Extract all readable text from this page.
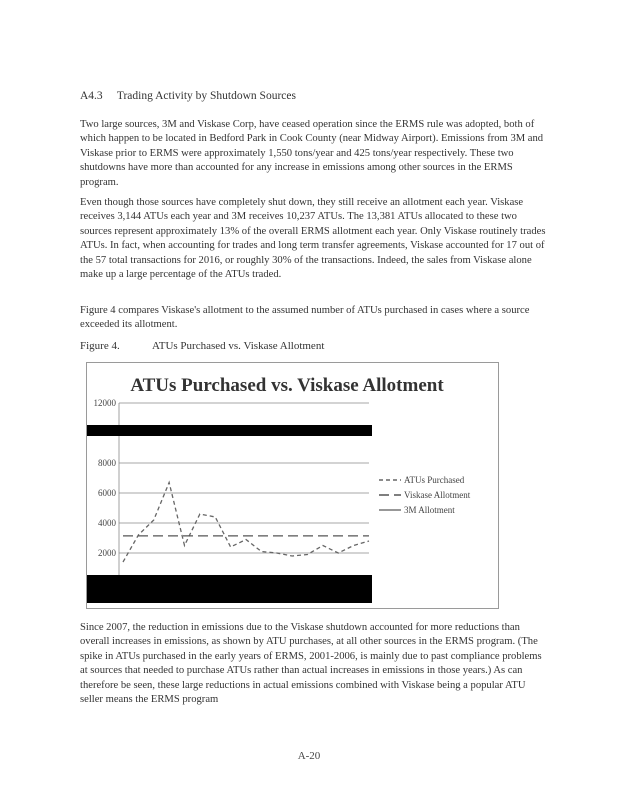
A4.3     Trading Activity by Shutdown Sources

Two large sources, 3M and Viskase Corp, have ceased operation since the ERMS rule was adopted, both of which happen to be located in Bedford Park in Cook County (near Midway Airport). Emissions from 3M and Viskase prior to ERMS were approximately 1,550 tons/year and 425 tons/year respectively. These two shutdowns have more than accounted for any increase in emissions among other sources in the ERMS program.

Even though those sources have completely shut down, they still receive an allotment each year. Viskase receives 3,144 ATUs each year and 3M receives 10,237 ATUs. The 13,381 ATUs allocated to these two sources represent approximately 13% of the overall ERMS allotment each year. Only Viskase routinely trades ATUs. In fact, when accounting for trades and long term transfer agreements, Viskase accounted for 17 out of the 57 total transactions for 2016, or roughly 30% of the transactions. Indeed, the sales from Viskase alone make up a large percentage of the ATUs traded.

Figure 4 compares Viskase's allotment to the assumed number of ATUs purchased in cases where a source exceeded its allotment.

Figure 4.	ATUs Purchased vs. Viskase Allotment
ATUs Purchased vs. Viskase Allotment
12000
8000
6000
4000
2000
ATUs Purchased
Viskase Allotment
3M Allotment

Since 2007, the reduction in emissions due to the Viskase shutdown accounted for more reductions than overall increases in emissions, as shown by ATU purchases, at all other sources in the ERMS program. (The spike in ATUs purchased in the early years of ERMS, 2001-2006, is mainly due to past compliance problems at sources that needed to purchase ATUs rather than actual increases in emissions in those years.) As can therefore be seen, these large reductions in actual emissions combined with Viskase being a popular ATU seller means the ERMS program

A-20
